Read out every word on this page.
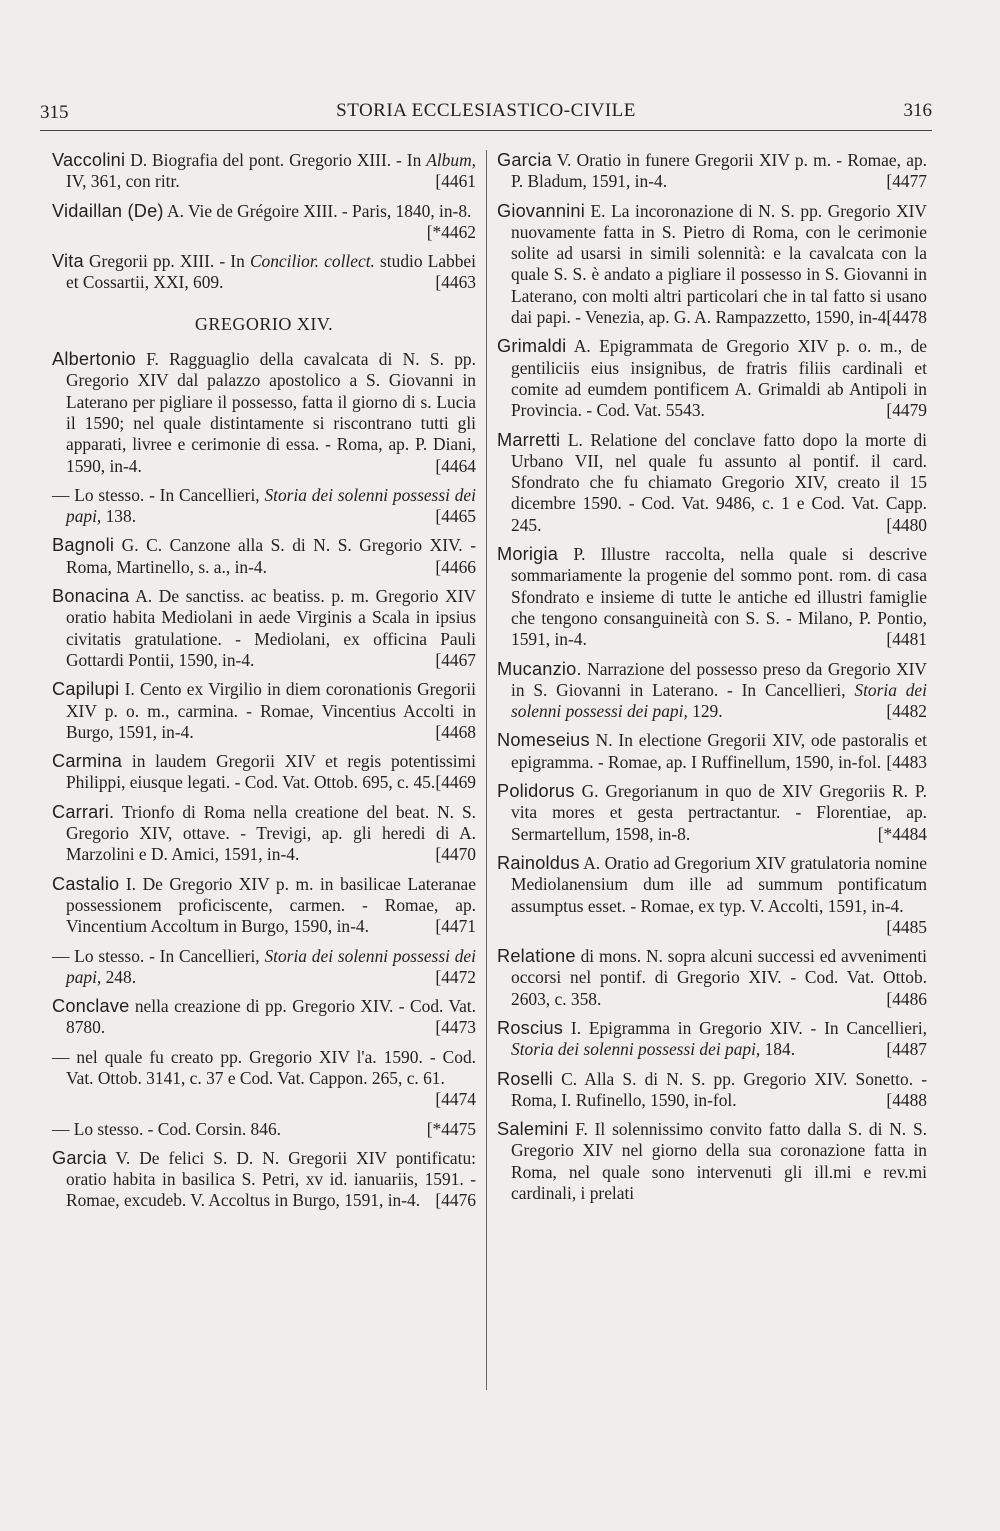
315	STORIA ECCLESIASTICO-CIVILE	316
Vaccolini D. Biografia del pont. Gregorio XIII. - In Album, IV, 361, con ritr.	[4461
Vidaillan (De) A. Vie de Grégoire XIII. - Paris, 1840, in-8.
[*4462
Vita Gregorii pp. XIII. - In Concilior. collect. studio Labbei et Cossartii, XXI, 609.	[4463
GREGORIO XIV.
Albertonio F. Ragguaglio della cavalcata di N. S. pp. Gregorio XIV dal palazzo apostolico a S. Giovanni in Laterano per pigliare il possesso, fatta il giorno di s. Lucia il 1590; nel quale distintamente si riscontrano tutti gli apparati, livree e cerimonie di essa. - Roma, ap. P. Diani, 1590, in-4.	[4464
— Lo stesso. - In Cancellieri, Storia dei solenni possessi dei papi, 138.	[4465
Bagnoli G. C. Canzone alla S. di N. S. Gregorio XIV. - Roma, Martinello, s. a., in-4.	[4466
Bonacina A. De sanctiss. ac beatiss. p. m. Gregorio XIV oratio habita Mediolani in aede Virginis a Scala in ipsius civitatis gratulatione. - Mediolani, ex officina Pauli Gottardi Pontii, 1590, in-4.	[4467
Capilupi I. Cento ex Virgilio in diem coronationis Gregorii XIV p. o. m., carmina. - Romae, Vincentius Accolti in Burgo, 1591, in-4.	[4468
Carmina in laudem Gregorii XIV et regis potentissimi Philippi, eiusque legati. - Cod. Vat. Ottob. 695, c. 45. [4469
Carrari. Trionfo di Roma nella creatione del beat. N. S. Gregorio XIV, ottave. - Trevigi, ap. gli heredi di A. Marzolini e D. Amici, 1591, in-4.	[4470
Castalio I. De Gregorio XIV p. m. in basilicae Lateranae possessionem proficiscente, carmen. - Romae, ap. Vincentium Accoltum in Burgo, 1590, in-4.	[4471
— Lo stesso. - In Cancellieri, Storia dei solenni possessi dei papi, 248.	[4472
Conclave nella creazione di pp. Gregorio XIV. - Cod. Vat. 8780.	[4473
— nel quale fu creato pp. Gregorio XIV l'a. 1590. - Cod. Vat. Ottob. 3141, c. 37 e Cod. Vat. Cappon. 265, c. 61.
[4474
— Lo stesso. - Cod. Corsin. 846.	[*4475
Garcia V. De felici S. D. N. Gregorii XIV pontificatu: oratio habita in basilica S. Petri, xv id. ianuariis, 1591. - Romae, excudeb. V. Accoltus in Burgo, 1591, in-4. [4476
Garcia V. Oratio in funere Gregorii XIV p. m. - Romae, ap. P. Bladum, 1591, in-4.	[4477
Giovannini E. La incoronazione di N. S. pp. Gregorio XIV nuovamente fatta in S. Pietro di Roma, con le cerimonie solite ad usarsi in simili solennità: e la cavalcata con la quale S. S. è andato a pigliare il possesso in S. Giovanni in Laterano, con molti altri particolari che in tal fatto si usano dai papi. - Venezia, ap. G. A. Rampazzetto, 1590, in-4.
[4478
Grimaldi A. Epigrammata de Gregorio XIV p. o. m., de gentiliciis eius insignibus, de fratris filiis cardinali et comite ad eumdem pontificem A. Grimaldi ab Antipoli in Provincia. - Cod. Vat. 5543.	[4479
Marretti L. Relatione del conclave fatto dopo la morte di Urbano VII, nel quale fu assunto al pontif. il card. Sfondrato che fu chiamato Gregorio XIV, creato il 15 dicembre 1590. - Cod. Vat. 9486, c. 1 e Cod. Vat. Capp. 245.	[4480
Morigia P. Illustre raccolta, nella quale si descrive sommariamente la progenie del sommo pont. rom. di casa Sfondrato e insieme di tutte le antiche ed illustri famiglie che tengono consanguineità con S. S. - Milano, P. Pontio, 1591, in-4.	[4481
Mucanzio. Narrazione del possesso preso da Gregorio XIV in S. Giovanni in Laterano. - In Cancellieri, Storia dei solenni possessi dei papi, 129.	[4482
Nomeseius N. In electione Gregorii XIV, ode pastoralis et epigramma. - Romae, ap. I Ruffinellum, 1590, in-fol. [4483
Polidorus G. Gregorianum in quo de XIV Gregoriis R. P. vita mores et gesta pertractantur. - Florentiae, ap. Sermartellum, 1598, in-8.	[*4484
Rainoldus A. Oratio ad Gregorium XIV gratulatoria nomine Mediolanensium dum ille ad summum pontificatum assumptus esset. - Romae, ex typ. V. Accolti, 1591, in-4.
[4485
Relatione di mons. N. sopra alcuni successi ed avvenimenti occorsi nel pontif. di Gregorio XIV. - Cod. Vat. Ottob. 2603, c. 358.	[4486
Roscius I. Epigramma in Gregorio XIV. - In Cancellieri, Storia dei solenni possessi dei papi, 184.	[4487
Roselli C. Alla S. di N. S. pp. Gregorio XIV. Sonetto. - Roma, I. Rufinello, 1590, in-fol.	[4488
Salemini F. Il solennissimo convito fatto dalla S. di N. S. Gregorio XIV nel giorno della sua coronazione fatta in Roma, nel quale sono intervenuti gli ill.mi e rev.mi cardinali, i prelati
